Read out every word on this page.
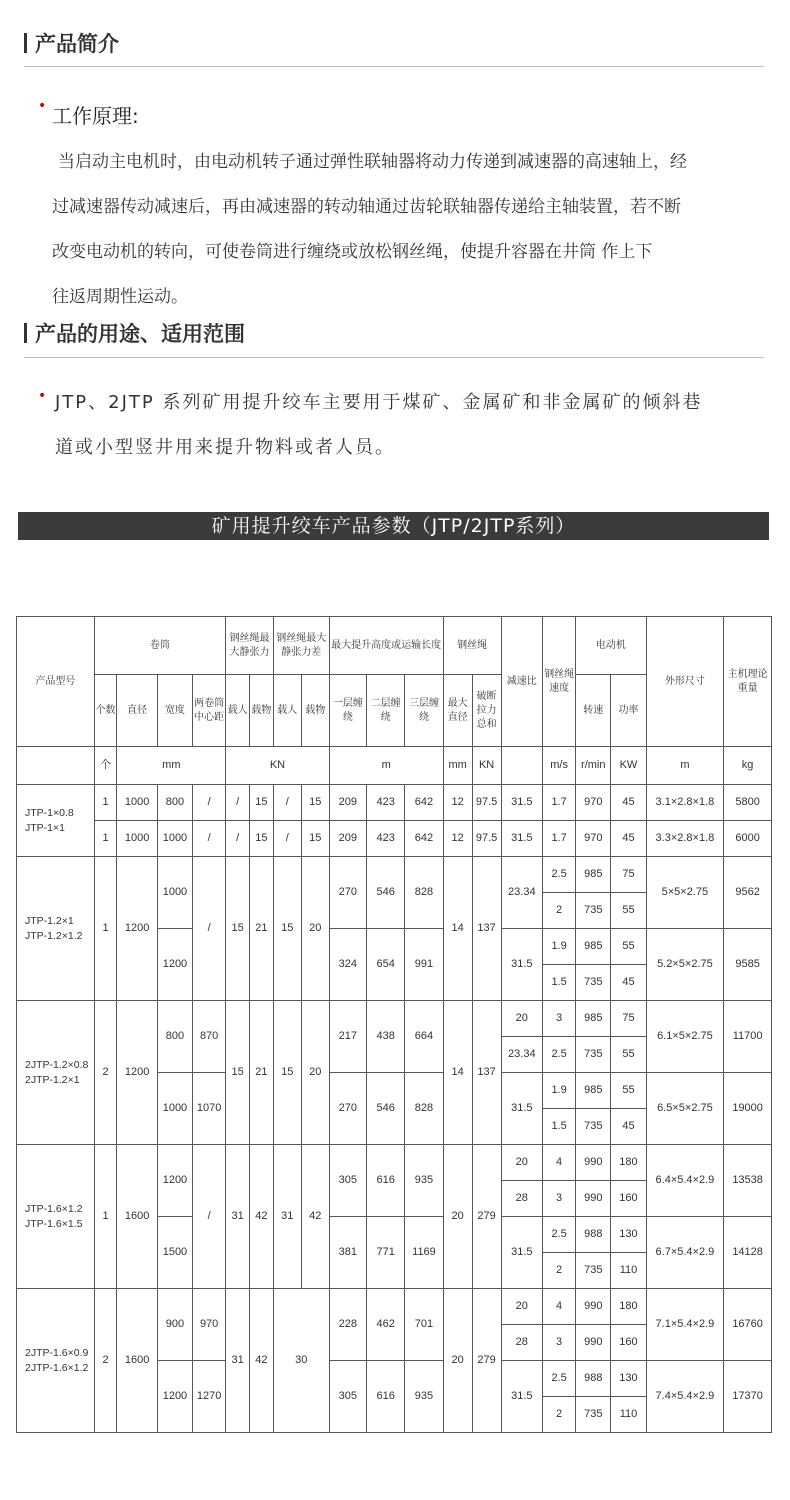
产品简介
• 工作原理:
当启动主电机时，由电动机转子通过弹性联轴器将动力传递到减速器的高速轴上，经
过减速器传动减速后，再由减速器的转动轴通过齿轮联轴器传递给主轴装置，若不断
改变电动机的转向，可使卷筒进行缠绕或放松钢丝绳，使提升容器在井筒 作上下
往返周期性运动。
产品的用途、适用范围
• JTP、2JTP 系列矿用提升绞车主要用于煤矿、金属矿和非金属矿的倾斜巷
道或小型竖井用来提升物料或者人员。
矿用提升绞车产品参数（JTP/2JTP系列）
产品型号	卷筒				钢丝绳最大静张力		钢丝绳最大静张力差		最大提升高度或运输长度			钢丝绳		减速比	钢丝绳速度	电动机		外形尺寸	主机理论重量
	个数	直径	宽度	两卷筒中心距	载人	载物	载人	载物	一层缠绕	二层缠绕	三层缠绕	最大直径	破断拉力总和			转速	功率		
	个	mm			KN				m			mm	KN		m/s	r/min	KW	m	kg
JTP-1×0.8
JTP-1×1	1	1000	800	/	/	15	/	15	209	423	642	12	97.5	31.5	1.7	970	45	3.1×2.8×1.8	5800
	1	1000	1000	/	/	15	/	15	209	423	642	12	97.5	31.5	1.7	970	45	3.3×2.8×1.8	6000
JTP-1.2×1
JTP-1.2×1.2	1	1200	1000	/	15	21	15	20	270	546	828	14	137	23.34	2.5	985	75	5×5×2.75	9562
															2	735	55		
			1200						324	654	991			31.5	1.9	985	55	5.2×5×2.75	9585
															1.5	735	45		
2JTP-1.2×0.8
2JTP-1.2×1	2	1200	800	870	15	21	15	20	217	438	664	14	137	20	3	985	75	6.1×5×2.75	11700
														23.34	2.5	735	55		
			1000	1070					270	546	828			31.5	1.9	985	55	6.5×5×2.75	19000
															1.5	735	45		
JTP-1.6×1.2
JTP-1.6×1.5	1	1600	1200	/	31	42	31	42	305	616	935	20	279	20	4	990	180	6.4×5.4×2.9	13538
														28	3	990	160		
			1500						381	771	1169			31.5	2.5	988	130	6.7×5.4×2.9	14128
															2	735	110		
2JTP-1.6×0.9
2JTP-1.6×1.2	2	1600	900	970	31	42	30		228	462	701	20	279	20	4	990	180	7.1×5.4×2.9	16760
														28	3	990	160		
			1200	1270					305	616	935			31.5	2.5	988	130	7.4×5.4×2.9	17370
															2	735	110		
